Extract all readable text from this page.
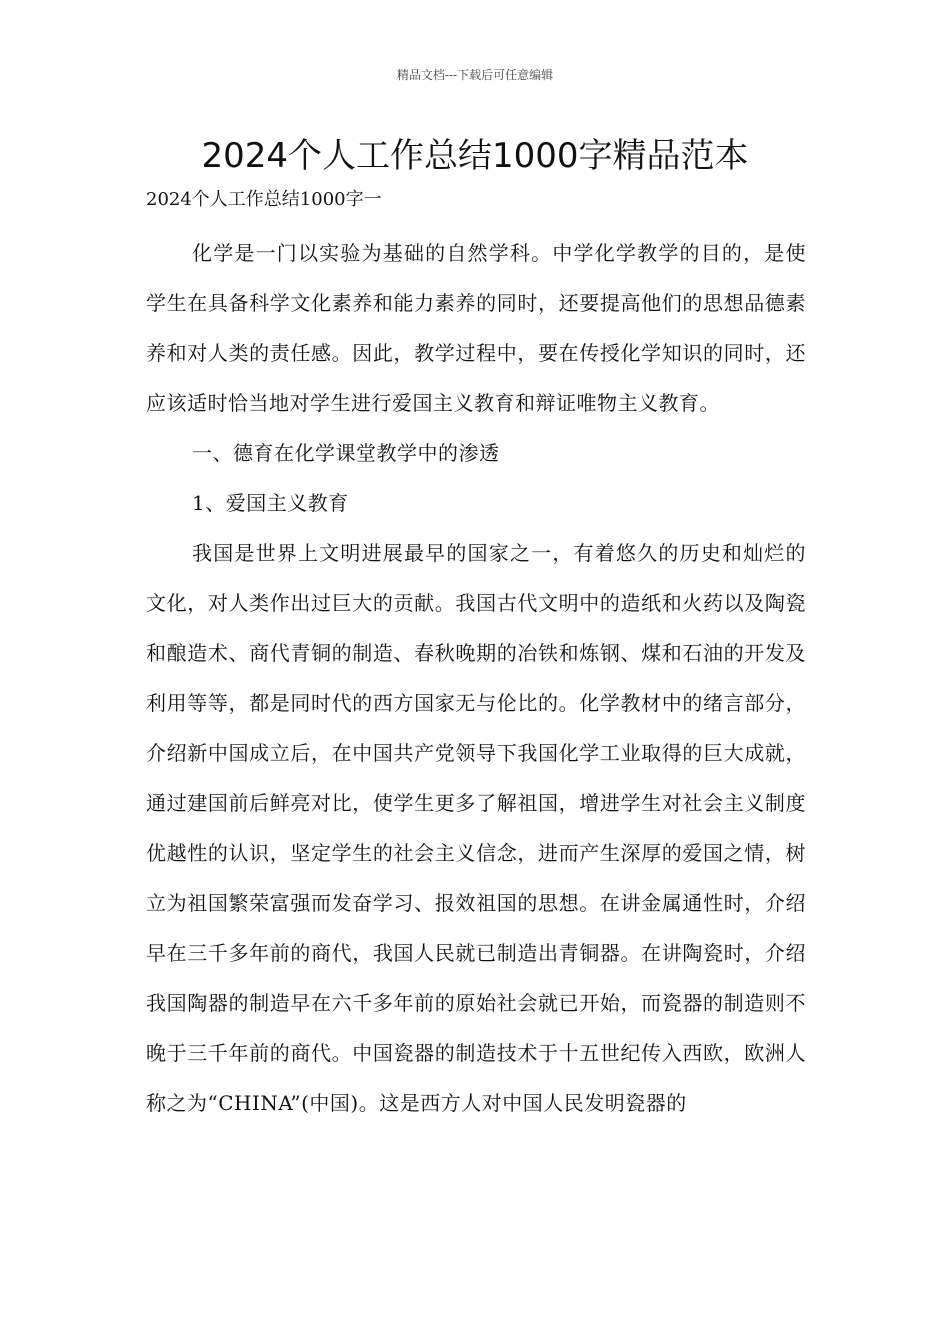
精品文档---下载后可任意编辑
2024个人工作总结1000字精品范本

2024个人工作总结1000字一

化学是一门以实验为基础的自然学科。中学化学教学的目的，是使学生在具备科学文化素养和能力素养的同时，还要提高他们的思想品德素养和对人类的责任感。因此，教学过程中，要在传授化学知识的同时，还应该适时恰当地对学生进行爱国主义教育和辩证唯物主义教育。

一、德育在化学课堂教学中的渗透

1、爱国主义教育

我国是世界上文明进展最早的国家之一，有着悠久的历史和灿烂的文化，对人类作出过巨大的贡献。我国古代文明中的造纸和火药以及陶瓷和酿造术、商代青铜的制造、春秋晚期的冶铁和炼钢、煤和石油的开发及利用等等，都是同时代的西方国家无与伦比的。化学教材中的绪言部分，介绍新中国成立后，在中国共产党领导下我国化学工业取得的巨大成就，通过建国前后鲜亮对比，使学生更多了解祖国，增进学生对社会主义制度优越性的认识，坚定学生的社会主义信念，进而产生深厚的爱国之情，树立为祖国繁荣富强而发奋学习、报效祖国的思想。在讲金属通性时，介绍早在三千多年前的商代，我国人民就已制造出青铜器。在讲陶瓷时，介绍我国陶器的制造早在六千多年前的原始社会就已开始，而瓷器的制造则不晚于三千年前的商代。中国瓷器的制造技术于十五世纪传入西欧，欧洲人称之为“CHINA”(中国)。这是西方人对中国人民发明瓷器的
